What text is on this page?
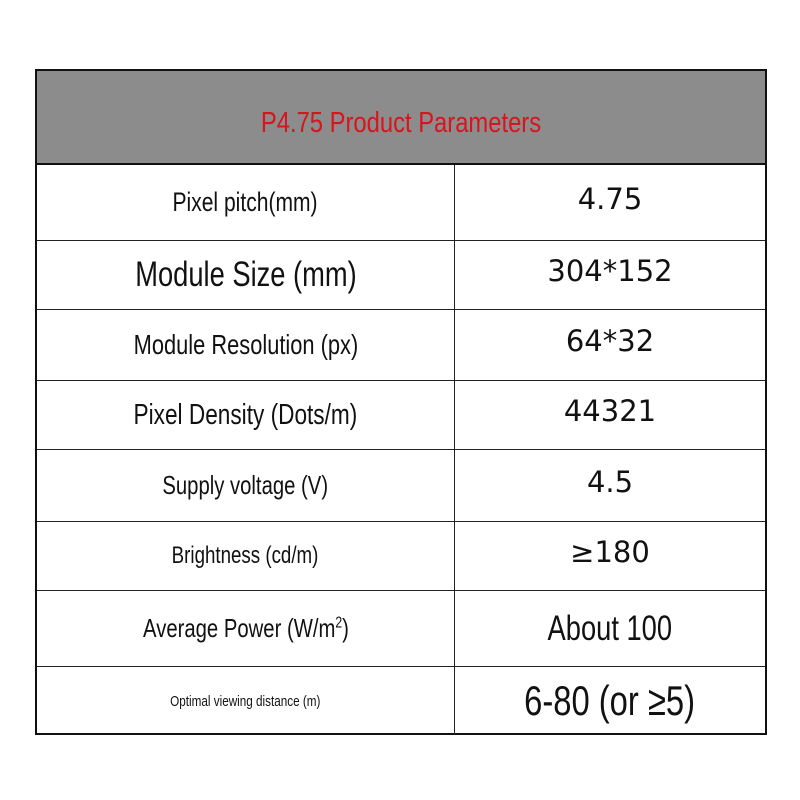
P4.75 Product Parameters
Pixel pitch(mm)	4.75
Module Size (mm)	304*152
Module Resolution (px)	64*32
Pixel Density (Dots/m)	44321
Supply voltage (V)	4.5
Brightness (cd/m)	≥180
Average Power $(W/m^2)$	About 100
Optimal viewing distance (m)	6-80 (or ≥5)
